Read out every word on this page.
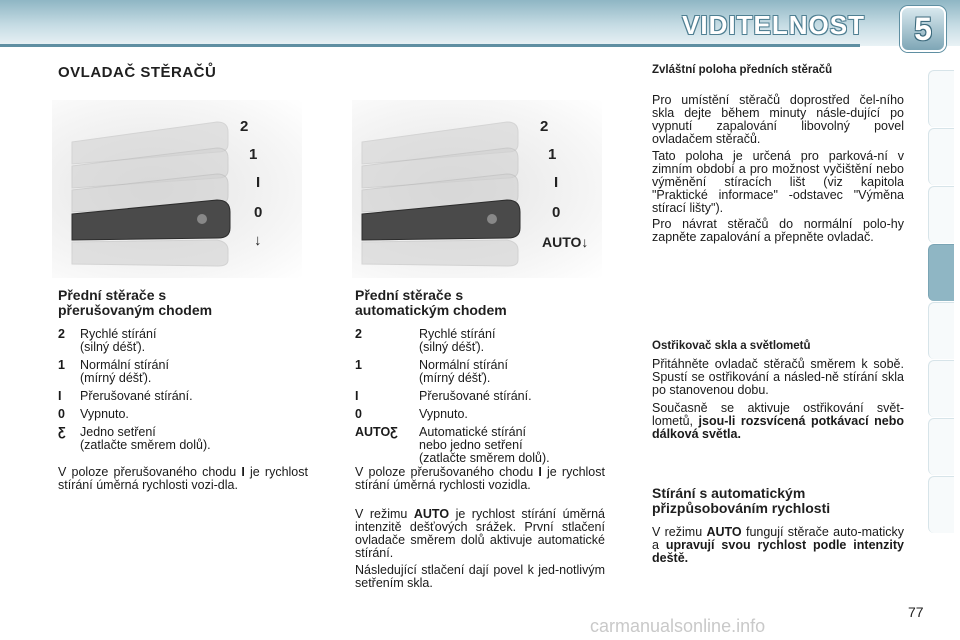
VIDITELNOST	5
OVLADAČ STĚRAČŮ
2
1
I
0
↓
2
1
I
0
AUTO↓
Přední stěrače s
přerušovaným chodem
2	Rychlé stírání
(silný déšť).
1	Normální stírání
(mírný déšť).
I	Přerušované stírání.
0	Vypnuto.
Ƹ	Jedno setření
(zatlačte směrem dolů).
V poloze přerušovaného chodu I je rychlost stírání úměrná rychlosti vozi-dla.
Přední stěrače s
automatickým chodem
2	Rychlé stírání
(silný déšť).
1	Normální stírání
(mírný déšť).
I	Přerušované stírání.
0	Vypnuto.
AUTOƸ	Automatické stírání
nebo jedno setření
(zatlačte směrem dolů).
V poloze přerušovaného chodu I je rychlost stírání úměrná rychlosti vozidla.
V režimu AUTO je rychlost stírání úměrná intenzitě dešťových srážek. První stlačení ovladače směrem dolů aktivuje automatické stírání.
Následující stlačení dají povel k jed-notlivým setřením skla.
Zvláštní poloha předních stěračů
Pro umístění stěračů doprostřed čel-ního skla dejte během minuty násle-dující po vypnutí zapalování libovolný povel ovladačem stěračů.
Tato poloha je určená pro parková-ní v zimním období a pro možnost vyčištění nebo výměnění stíracích lišt (viz kapitola "Praktické informace" -odstavec "Výměna stírací lišty").
Pro návrat stěračů do normální polo-hy zapněte zapalování a přepněte ovladač.
Ostřikovač skla a světlometů
Přitáhněte ovladač stěračů směrem k sobě. Spustí se ostřikování a násled-ně stírání skla po stanovenou dobu.
Současně se aktivuje ostřikování svět-lometů, jsou-li rozsvícená potkávací nebo dálková světla.
Stírání s automatickým
přizpůsobováním rychlosti
V režimu AUTO fungují stěrače auto-maticky a upravují svou rychlost podle intenzity deště.
77
carmanualsonline.info
